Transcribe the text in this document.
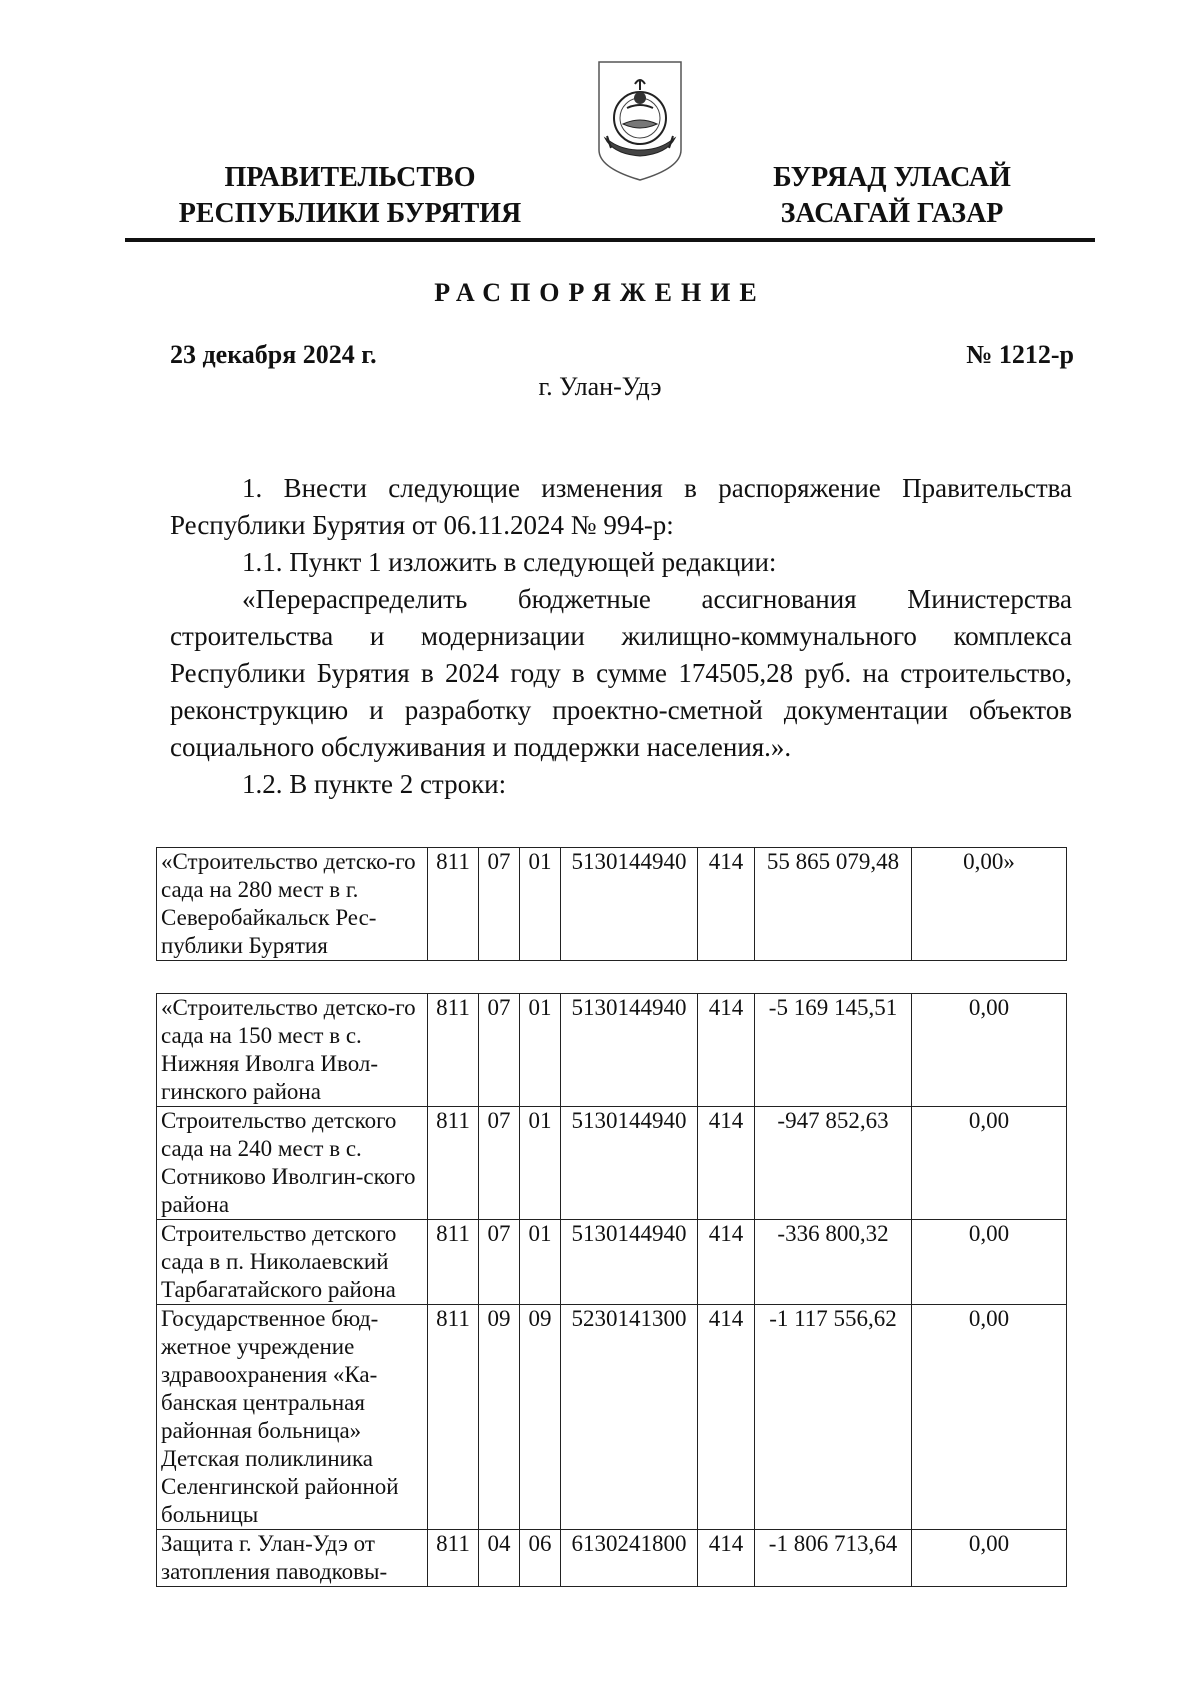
ПРАВИТЕЛЬСТВО
РЕСПУБЛИКИ БУРЯТИЯ
БУРЯАД УЛАСАЙ
ЗАСАГАЙ ГАЗАР
РАСПОРЯЖЕНИЕ
23 декабря 2024 г.	№ 1212-р
г. Улан-Удэ

1. Внести следующие изменения в распоряжение Правительства Республики Бурятия от 06.11.2024 № 994-р:

1.1. Пункт 1 изложить в следующей редакции:

«Перераспределить бюджетные ассигнования Министерства строительства и модернизации жилищно-коммунального комплекса Республики Бурятия в 2024 году в сумме 174505,28 руб. на строительство, реконструкцию и разработку проектно-сметной документации объектов социального обслуживания и поддержки населения.».

1.2. В пункте 2 строки:

«Строительство детско-го сада на 280 мест в г. Северобайкальск Рес-публики Бурятия	811	07	01	5130144940	414	55 865 079,48	0,00»
«Строительство детско-го сада на 150 мест в с. Нижняя Иволга Ивол-гинского района	811	07	01	5130144940	414	-5 169 145,51	0,00
Строительство детского сада на 240 мест в с. Сотниково Иволгин-ского района	811	07	01	5130144940	414	-947 852,63	0,00
Строительство детского сада в п. Николаевский Тарбагатайского района	811	07	01	5130144940	414	-336 800,32	0,00
Государственное бюд-жетное учреждение здравоохранения «Ка-банская центральная районная больница» Детская поликлиника Селенгинской районной больницы	811	09	09	5230141300	414	-1 117 556,62	0,00
Защита г. Улан-Удэ от затопления паводковы-	811	04	06	6130241800	414	-1 806 713,64	0,00
